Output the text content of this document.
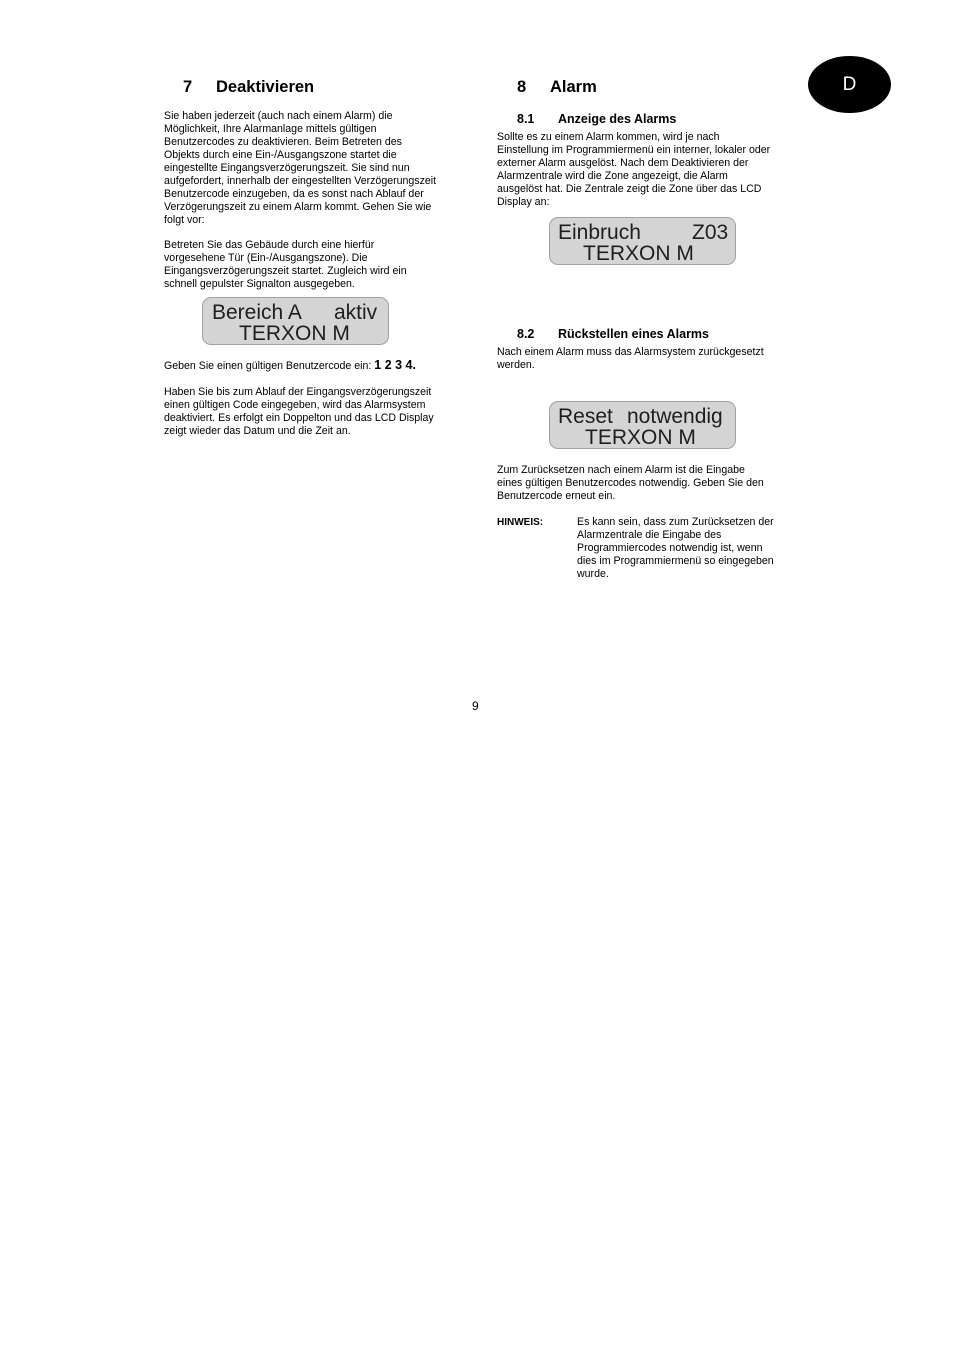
D
7 Deaktivieren
Sie haben jederzeit (auch nach einem Alarm) die
Möglichkeit, Ihre Alarmanlage mittels gültigen
Benutzercodes zu deaktivieren. Beim Betreten des
Objekts durch eine Ein-/Ausgangszone startet die
eingestellte Eingangsverzögerungszeit. Sie sind nun
aufgefordert, innerhalb der eingestellten Verzögerungszeit
Benutzercode einzugeben, da es sonst nach Ablauf der
Verzögerungszeit zu einem Alarm kommt. Gehen Sie wie
folgt vor:
Betreten Sie das Gebäude durch eine hierfür
vorgesehene Tür (Ein-/Ausgangszone). Die
Eingangsverzögerungszeit startet. Zugleich wird ein
schnell gepulster Signalton ausgegeben.
Bereich A aktiv
TERXON M

Geben Sie einen gültigen Benutzercode ein: 1 2 3 4.

Haben Sie bis zum Ablauf der Eingangsverzögerungszeit
einen gültigen Code eingegeben, wird das Alarmsystem
deaktiviert. Es erfolgt ein Doppelton und das LCD Display
zeigt wieder das Datum und die Zeit an.

8 Alarm
8.1 Anzeige des Alarms
Sollte es zu einem Alarm kommen, wird je nach
Einstellung im Programmiermenü ein interner, lokaler oder
externer Alarm ausgelöst. Nach dem Deaktivieren der
Alarmzentrale wird die Zone angezeigt, die Alarm
ausgelöst hat. Die Zentrale zeigt die Zone über das LCD
Display an:
Einbruch Z03
TERXON M
8.2 Rückstellen eines Alarms
Nach einem Alarm muss das Alarmsystem zurückgesetzt
werden.
Reset notwendig
TERXON M
Zum Zurücksetzen nach einem Alarm ist die Eingabe
eines gültigen Benutzercodes notwendig. Geben Sie den
Benutzercode erneut ein.
HINWEIS:	Es kann sein, dass zum Zurücksetzen der
Alarmzentrale die Eingabe des
Programmiercodes notwendig ist, wenn
dies im Programmiermenü so eingegeben
wurde.
9
